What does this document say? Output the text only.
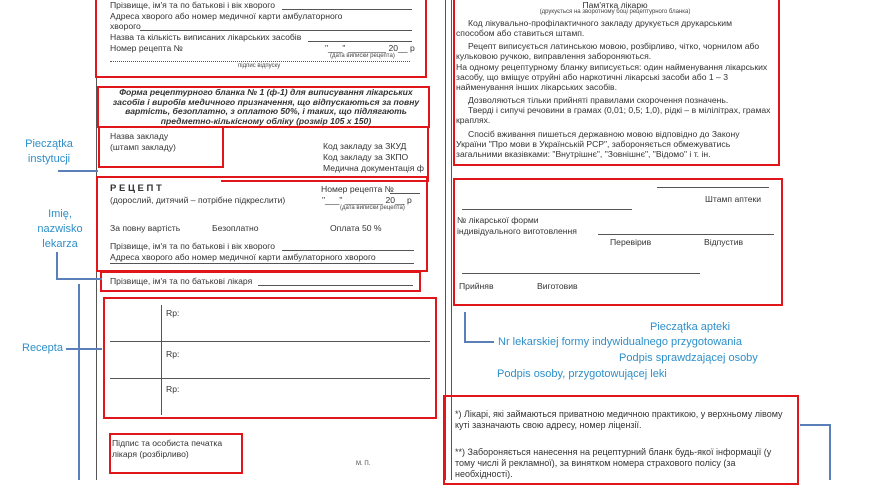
Прізвище, ім'я та по батькові і вік хворого
Адреса хворого або номер медичної карти амбулаторного
хворого
Назва та кількість виписаних лікарських засобів
Номер рецепта №	"___" ________ 20__ р
(дата виписки рецепта)
підпис відпуску
Форма рецептурного бланка № 1 (ф-1) для виписування лікарських засобів і виробів медичного призначення, що відпускаються за повну вартість, безоплатно, з оплатою 50%, і таких, що підлягають предметно-кількісному обліку (розмір 105 х 150)
Назва закладу
(штамп закладу)	Код закладу за ЗКУД
Код закладу за ЗКПО
Медична документація ф
Р Е Ц Е П Т
(дорослий, дитячий – потрібне підкреслити)
Номер рецепта №
"___" ________ 20__ р
(дата виписки рецепта)
За повну вартість	Безоплатно	Оплата 50 %
Прізвище, ім'я та по батькові і вік хворого
Адреса хворого або номер медичної карти амбулаторного хворого
Прізвище, ім'я та по батькові лікаря
Rp:
Rp:
Rp:
Підпис та особиста печатка
лікаря (розбірливо)
М. П.
Пам'ятка лікарю
(друкується на зворотному боці рецептурного бланка)
Код лікувально-профілактичного закладу друкується друкарським
способом або ставиться штамп.
Рецепт виписується латинською мовою, розбірливо, чітко, чорнилом або
кульковою ручкою, виправлення забороняються.
На одному рецептурному бланку виписується: один найменування лікарських
засобу, що вміщує отруйні або наркотичні лікарські засоби або 1 – 3
найменування інших лікарських засобів.
Дозволяються тільки прийняті правилами скорочення позначень.
Тверді і сипучі речовини в грамах (0,01; 0,5; 1,0), рідкі – в мілілітрах, грамах
краплях.
Спосіб вживання пишеться державною мовою відповідно до Закону
України "Про мови в Українській РСР", забороняється обмежуватись
загальними вказівками: "Внутрішнє", "Зовнішнє", "Відомо" і т. ін.
Штамп аптеки
№ лікарської форми
індивідуального виготовлення
Перевірив	Відпустив
Прийняв	Виготовив
*) Лікарі, які займаються приватною медичною практикою, у верхньому лівому куті зазначають свою адресу, номер ліцензії.
**) Забороняється нанесення на рецептурний бланк будь-якої інформації (у тому числі й рекламної), за винятком номера страхового полісу (за необхідності).
Pieczątka instytucji
Imię, nazwisko lekarza
Recepta
Pieczątka apteki
Nr lekarskiej formy indywidualnego przygotowania
Podpis sprawdzającej osoby
Podpis osoby, przygotowującej leki
